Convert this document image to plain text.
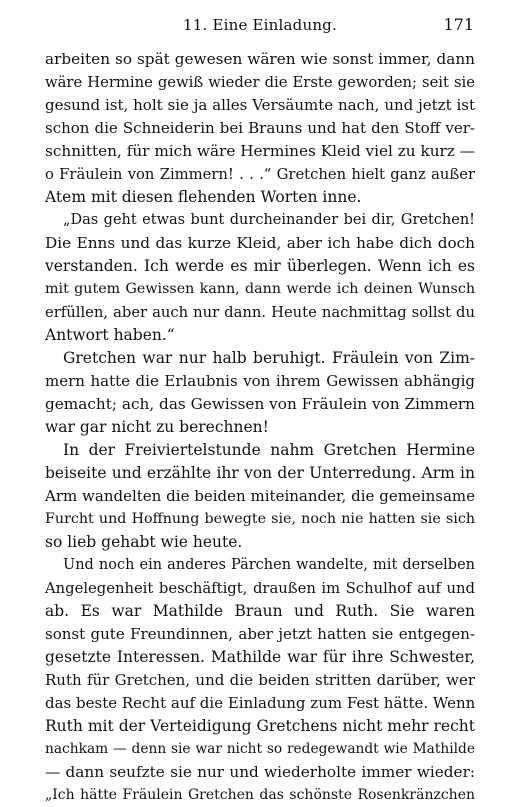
11. Eine Einladung.	171
arbeiten so spät gewesen wären wie sonst immer, dann
wäre Hermine gewiß wieder die Erste geworden; seit sie
gesund ist, holt sie ja alles Versäumte nach, und jetzt ist
schon die Schneiderin bei Brauns und hat den Stoff ver-
schnitten, für mich wäre Hermines Kleid viel zu kurz —
o Fräulein von Zimmern! . . .“ Gretchen hielt ganz außer
Atem mit diesen flehenden Worten inne.
„Das geht etwas bunt durcheinander bei dir, Gretchen!
Die Enns und das kurze Kleid, aber ich habe dich doch
verstanden. Ich werde es mir überlegen. Wenn ich es
mit gutem Gewissen kann, dann werde ich deinen Wunsch
erfüllen, aber auch nur dann. Heute nachmittag sollst du
Antwort haben.“
Gretchen war nur halb beruhigt. Fräulein von Zim-
mern hatte die Erlaubnis von ihrem Gewissen abhängig
gemacht; ach, das Gewissen von Fräulein von Zimmern
war gar nicht zu berechnen!
In der Freiviertelstunde nahm Gretchen Hermine
beiseite und erzählte ihr von der Unterredung. Arm in
Arm wandelten die beiden miteinander, die gemeinsame
Furcht und Hoffnung bewegte sie, noch nie hatten sie sich
so lieb gehabt wie heute.
Und noch ein anderes Pärchen wandelte, mit derselben
Angelegenheit beschäftigt, draußen im Schulhof auf und
ab. Es war Mathilde Braun und Ruth. Sie waren
sonst gute Freundinnen, aber jetzt hatten sie entgegen-
gesetzte Interessen. Mathilde war für ihre Schwester,
Ruth für Gretchen, und die beiden stritten darüber, wer
das beste Recht auf die Einladung zum Fest hätte. Wenn
Ruth mit der Verteidigung Gretchens nicht mehr recht
nachkam — denn sie war nicht so redegewandt wie Mathilde
— dann seufzte sie nur und wiederholte immer wieder:
„Ich hätte Fräulein Gretchen das schönste Rosenkränzchen
